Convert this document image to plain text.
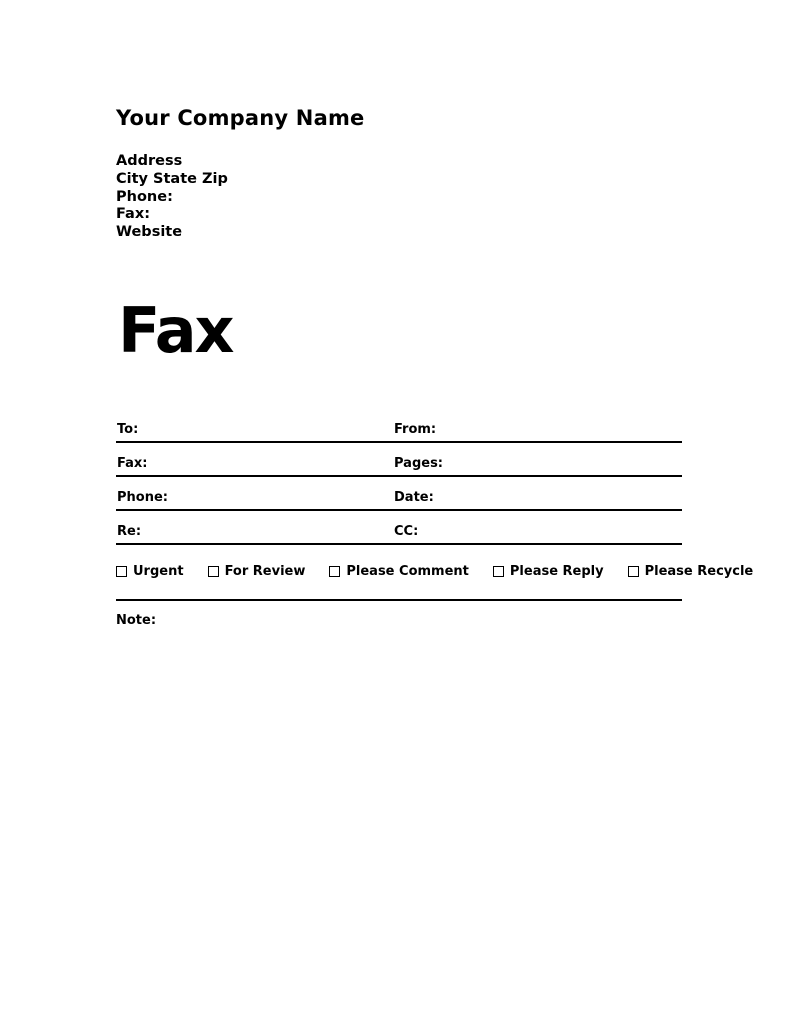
Your Company Name
Address
City State Zip
Phone:
Fax:
Website
Fax
To:	From:
Fax:	Pages:
Phone:	Date:
Re:	CC:
Urgent	For Review	Please Comment	Please Reply	Please Recycle
Note:
